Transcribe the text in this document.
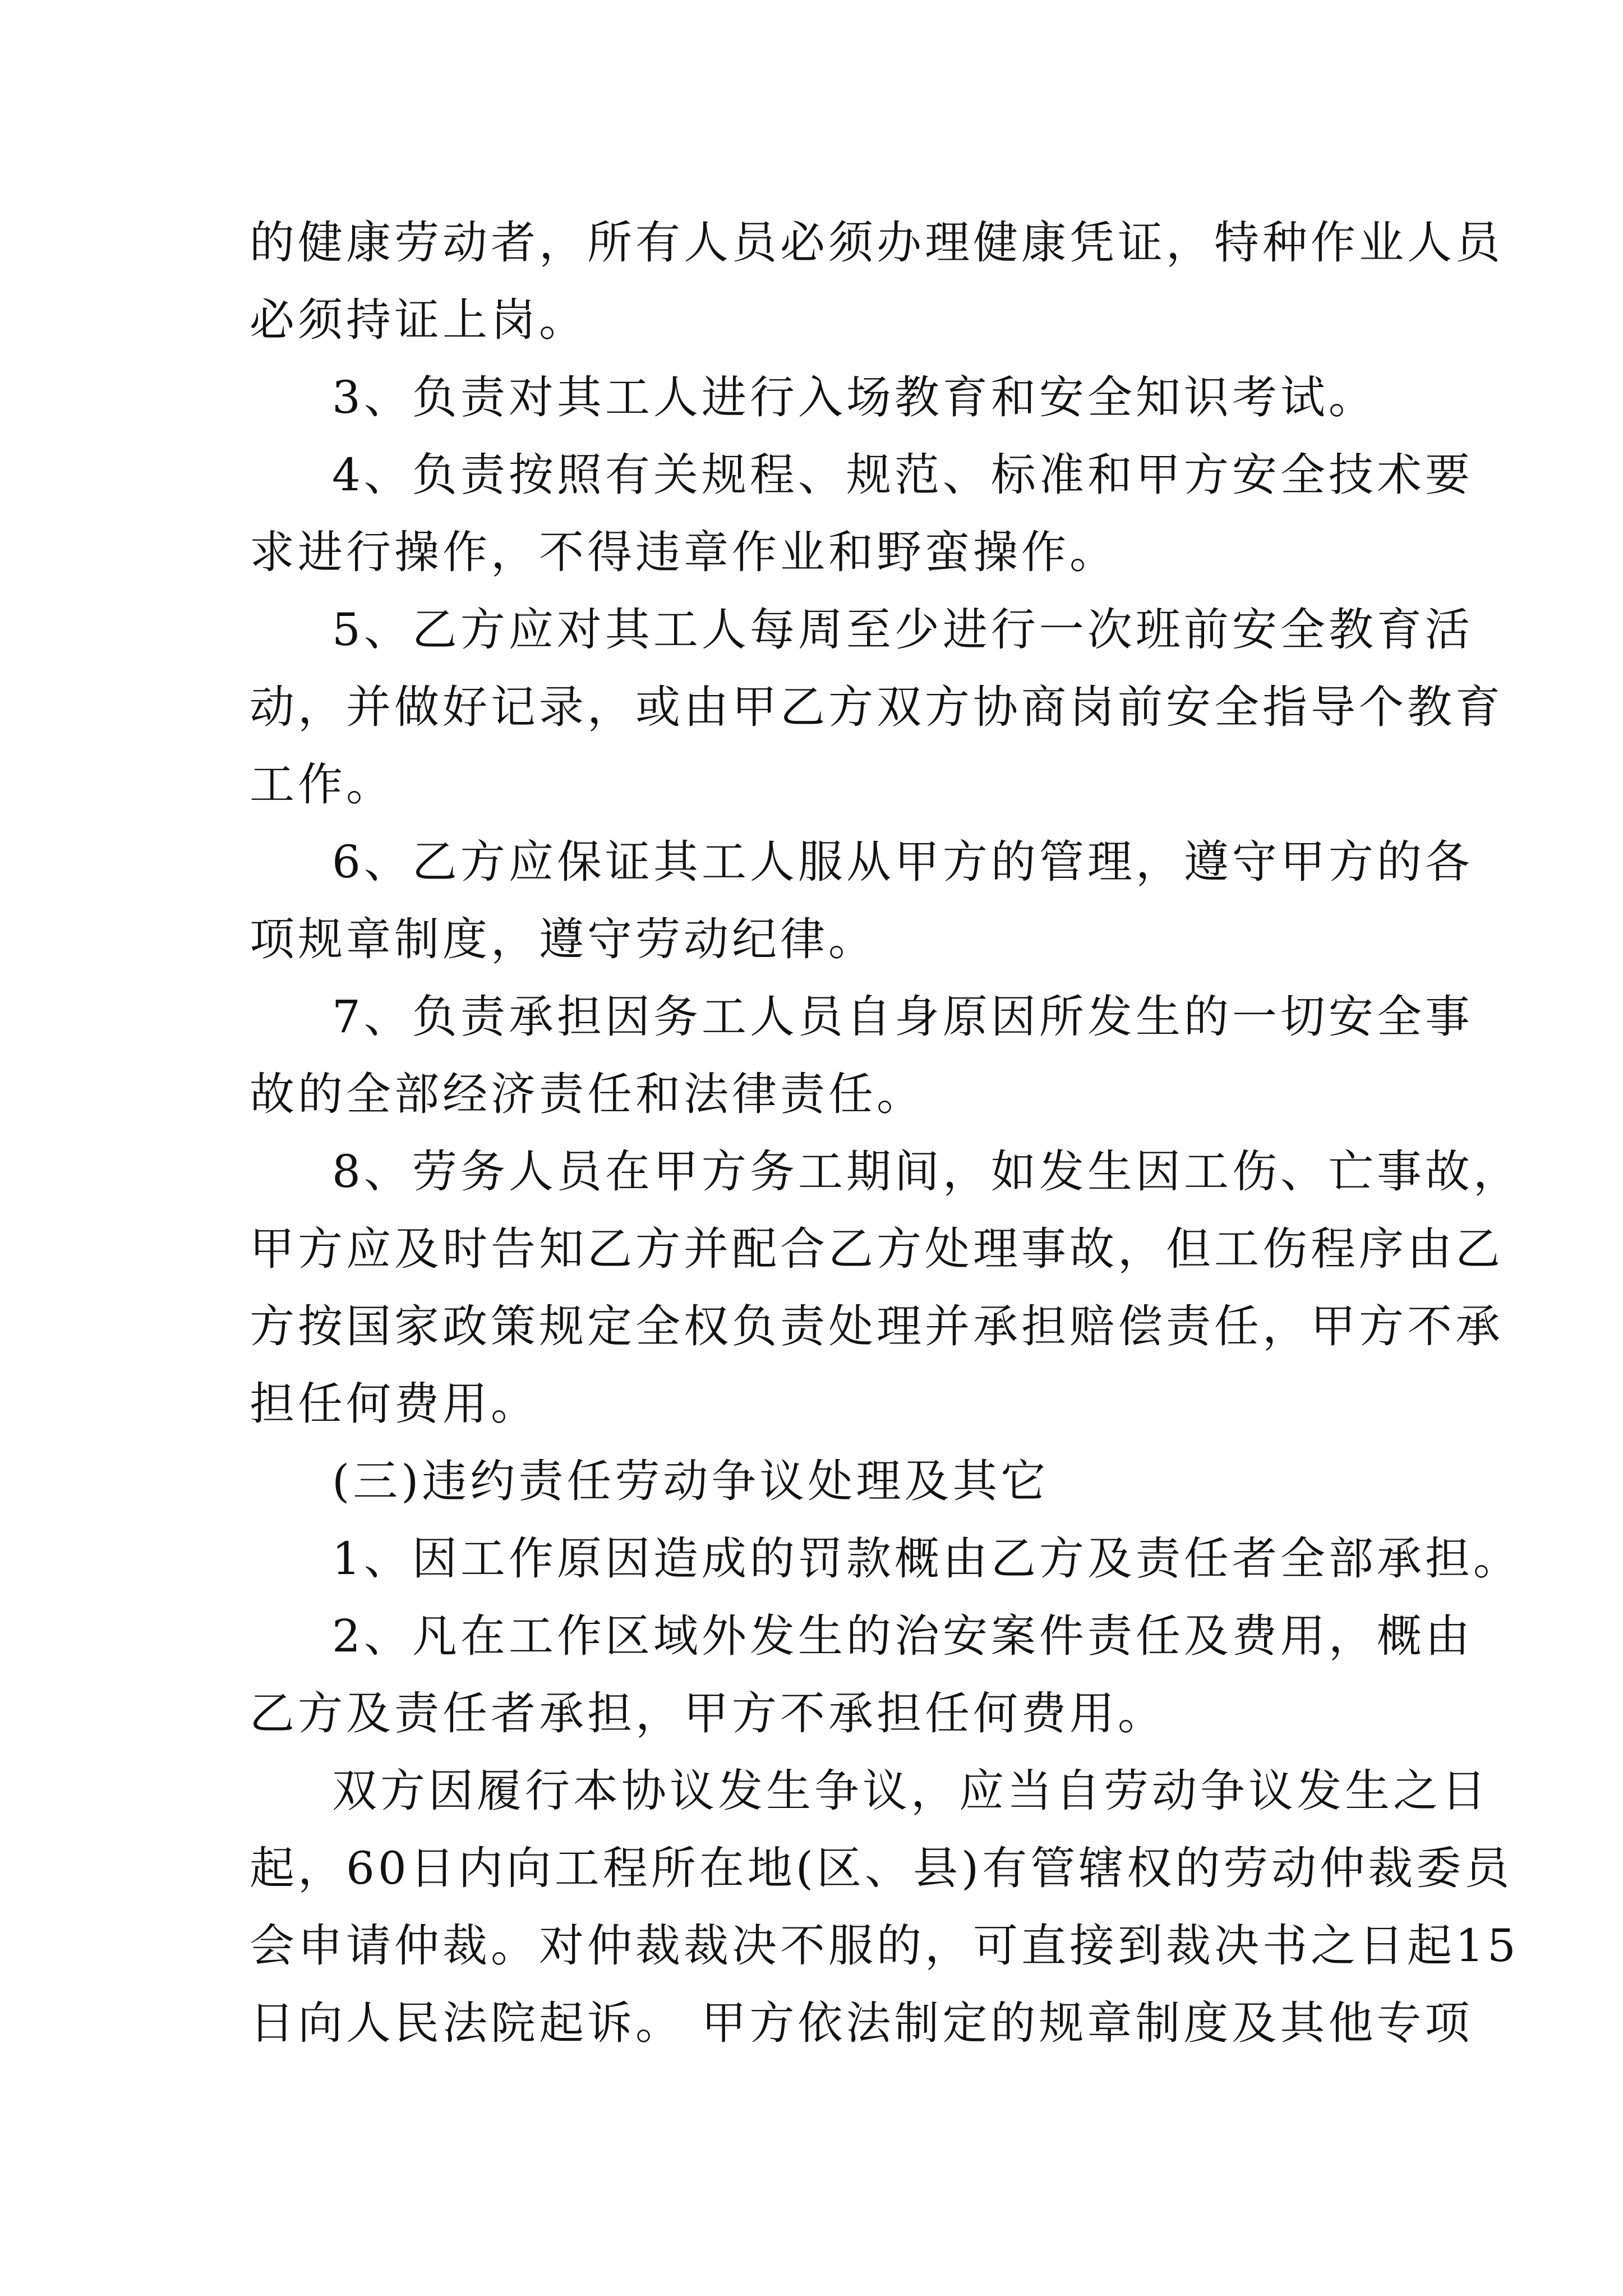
的健康劳动者，所有人员必须办理健康凭证，特种作业人员
必须持证上岗。
3、负责对其工人进行入场教育和安全知识考试。
4、负责按照有关规程、规范、标准和甲方安全技术要
求进行操作，不得违章作业和野蛮操作。
5、乙方应对其工人每周至少进行一次班前安全教育活
动，并做好记录，或由甲乙方双方协商岗前安全指导个教育
工作。
6、乙方应保证其工人服从甲方的管理，遵守甲方的各
项规章制度，遵守劳动纪律。
7、负责承担因务工人员自身原因所发生的一切安全事
故的全部经济责任和法律责任。
8、劳务人员在甲方务工期间，如发生因工伤、亡事故，
甲方应及时告知乙方并配合乙方处理事故，但工伤程序由乙
方按国家政策规定全权负责处理并承担赔偿责任，甲方不承
担任何费用。
(三)违约责任劳动争议处理及其它
1、因工作原因造成的罚款概由乙方及责任者全部承担。
2、凡在工作区域外发生的治安案件责任及费用，概由
乙方及责任者承担，甲方不承担任何费用。
双方因履行本协议发生争议，应当自劳动争议发生之日
起，60日内向工程所在地(区、县)有管辖权的劳动仲裁委员
会申请仲裁。对仲裁裁决不服的，可直接到裁决书之日起15
日向人民法院起诉。 甲方依法制定的规章制度及其他专项
